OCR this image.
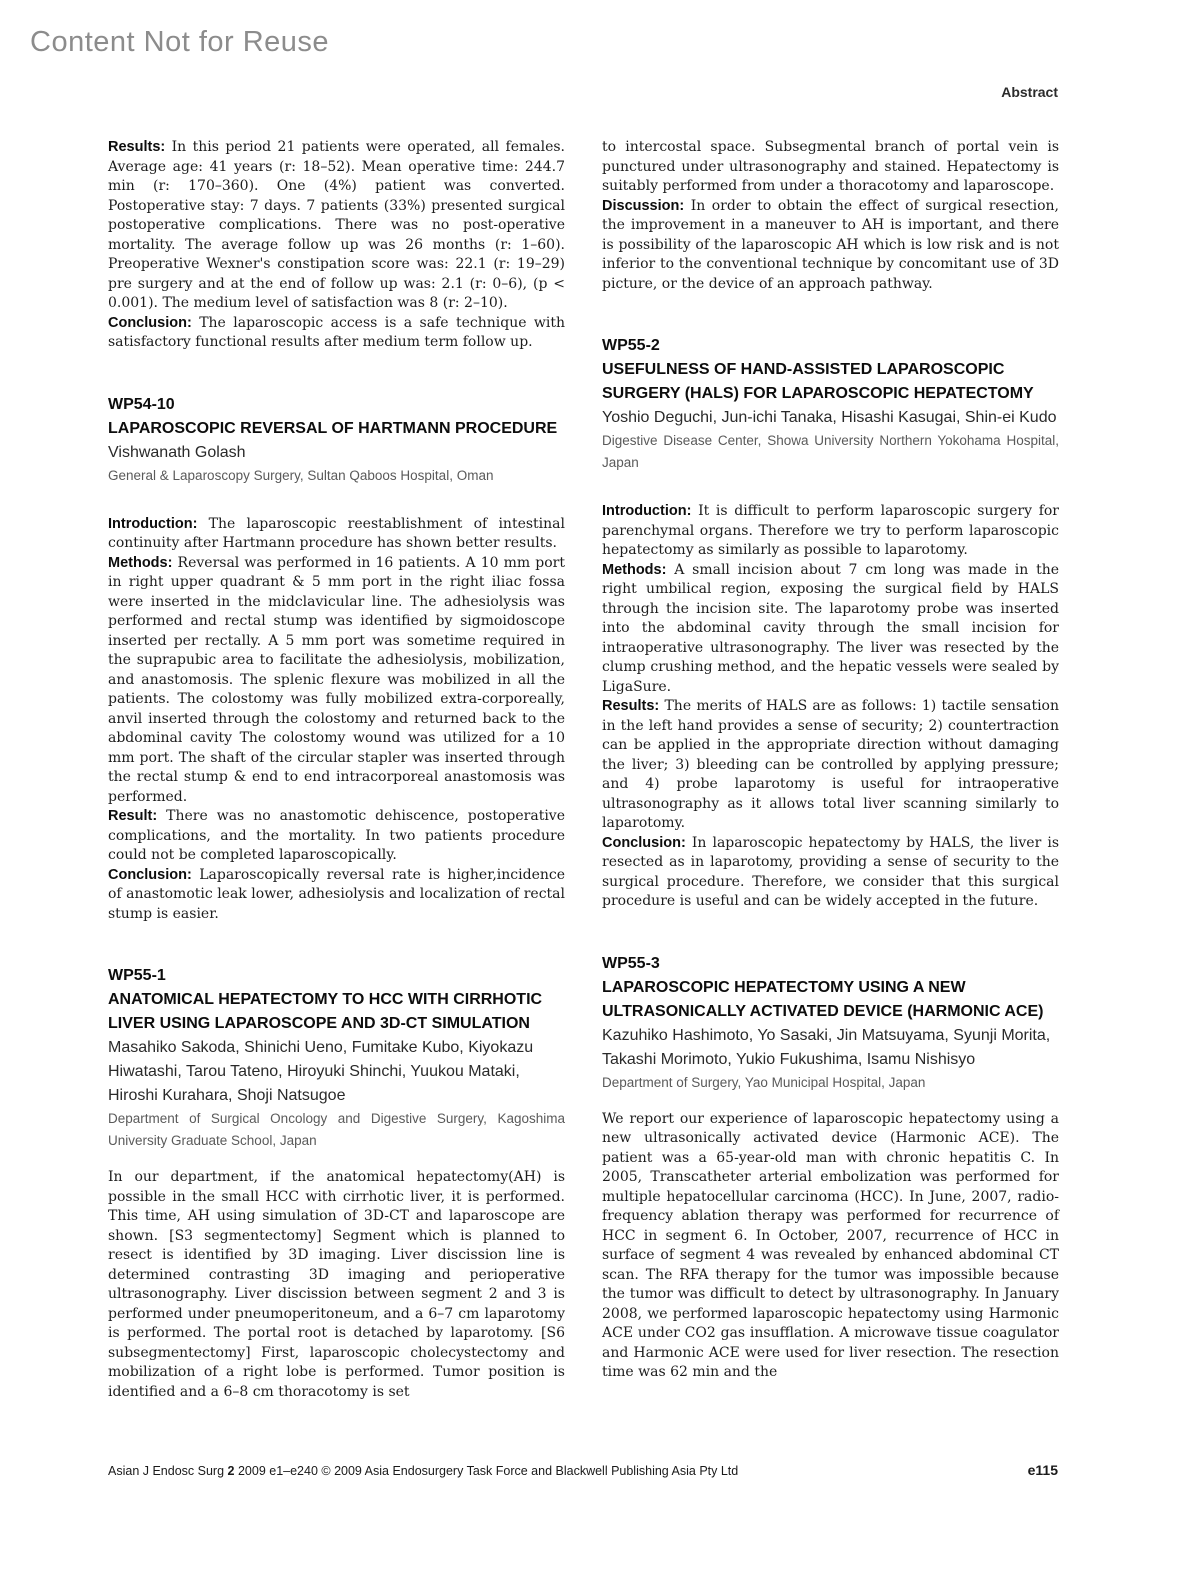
Content Not for Reuse
Abstract

Results: In this period 21 patients were operated, all females. Average age: 41 years (r: 18–52). Mean operative time: 244.7 min (r: 170–360). One (4%) patient was converted. Postoperative stay: 7 days. 7 patients (33%) presented surgical postoperative complications. There was no post-operative mortality. The average follow up was 26 months (r: 1–60). Preoperative Wexner's constipation score was: 22.1 (r: 19–29) pre surgery and at the end of follow up was: 2.1 (r: 0–6), (p < 0.001). The medium level of satisfaction was 8 (r: 2–10).

Conclusion: The laparoscopic access is a safe technique with satisfactory functional results after medium term follow up.

WP54-10

LAPAROSCOPIC REVERSAL OF HARTMANN PROCEDURE

Vishwanath Golash

General & Laparoscopy Surgery, Sultan Qaboos Hospital, Oman

Introduction: The laparoscopic reestablishment of intestinal continuity after Hartmann procedure has shown better results.

Methods: Reversal was performed in 16 patients. A 10 mm port in right upper quadrant & 5 mm port in the right iliac fossa were inserted in the midclavicular line. The adhesiolysis was performed and rectal stump was identified by sigmoidoscope inserted per rectally. A 5 mm port was sometime required in the suprapubic area to facilitate the adhesiolysis, mobilization, and anastomosis. The splenic flexure was mobilized in all the patients. The colostomy was fully mobilized extra-corporeally, anvil inserted through the colostomy and returned back to the abdominal cavity The colostomy wound was utilized for a 10 mm port. The shaft of the circular stapler was inserted through the rectal stump & end to end intracorporeal anastomosis was performed.

Result: There was no anastomotic dehiscence, postoperative complications, and the mortality. In two patients procedure could not be completed laparoscopically.

Conclusion: Laparoscopically reversal rate is higher,incidence of anastomotic leak lower, adhesiolysis and localization of rectal stump is easier.

WP55-1

ANATOMICAL HEPATECTOMY TO HCC WITH CIRRHOTIC LIVER USING LAPAROSCOPE AND 3D-CT SIMULATION

Masahiko Sakoda, Shinichi Ueno, Fumitake Kubo, Kiyokazu Hiwatashi, Tarou Tateno, Hiroyuki Shinchi, Yuukou Mataki, Hiroshi Kurahara, Shoji Natsugoe

Department of Surgical Oncology and Digestive Surgery, Kagoshima University Graduate School, Japan

In our department, if the anatomical hepatectomy(AH) is possible in the small HCC with cirrhotic liver, it is performed. This time, AH using simulation of 3D-CT and laparoscope are shown. [S3 segmentectomy] Segment which is planned to resect is identified by 3D imaging. Liver discission line is determined contrasting 3D imaging and perioperative ultrasonography. Liver discission between segment 2 and 3 is performed under pneumoperitoneum, and a 6–7 cm laparotomy is performed. The portal root is detached by laparotomy. [S6 subsegmentectomy] First, laparoscopic cholecystectomy and mobilization of a right lobe is performed. Tumor position is identified and a 6–8 cm thoracotomy is set

to intercostal space. Subsegmental branch of portal vein is punctured under ultrasonography and stained. Hepatectomy is suitably performed from under a thoracotomy and laparoscope.

Discussion: In order to obtain the effect of surgical resection, the improvement in a maneuver to AH is important, and there is possibility of the laparoscopic AH which is low risk and is not inferior to the conventional technique by concomitant use of 3D picture, or the device of an approach pathway.

WP55-2

USEFULNESS OF HAND-ASSISTED LAPAROSCOPIC SURGERY (HALS) FOR LAPAROSCOPIC HEPATECTOMY

Yoshio Deguchi, Jun-ichi Tanaka, Hisashi Kasugai, Shin-ei Kudo

Digestive Disease Center, Showa University Northern Yokohama Hospital, Japan

Introduction: It is difficult to perform laparoscopic surgery for parenchymal organs. Therefore we try to perform laparoscopic hepatectomy as similarly as possible to laparotomy.

Methods: A small incision about 7 cm long was made in the right umbilical region, exposing the surgical field by HALS through the incision site. The laparotomy probe was inserted into the abdominal cavity through the small incision for intraoperative ultrasonography. The liver was resected by the clump crushing method, and the hepatic vessels were sealed by LigaSure.

Results: The merits of HALS are as follows: 1) tactile sensation in the left hand provides a sense of security; 2) countertraction can be applied in the appropriate direction without damaging the liver; 3) bleeding can be controlled by applying pressure; and 4) probe laparotomy is useful for intraoperative ultrasonography as it allows total liver scanning similarly to laparotomy.

Conclusion: In laparoscopic hepatectomy by HALS, the liver is resected as in laparotomy, providing a sense of security to the surgical procedure. Therefore, we consider that this surgical procedure is useful and can be widely accepted in the future.

WP55-3

LAPAROSCOPIC HEPATECTOMY USING A NEW ULTRASONICALLY ACTIVATED DEVICE (HARMONIC ACE)

Kazuhiko Hashimoto, Yo Sasaki, Jin Matsuyama, Syunji Morita, Takashi Morimoto, Yukio Fukushima, Isamu Nishisyo

Department of Surgery, Yao Municipal Hospital, Japan

We report our experience of laparoscopic hepatectomy using a new ultrasonically activated device (Harmonic ACE). The patient was a 65-year-old man with chronic hepatitis C. In 2005, Transcatheter arterial embolization was performed for multiple hepatocellular carcinoma (HCC). In June, 2007, radio-frequency ablation therapy was performed for recurrence of HCC in segment 6. In October, 2007, recurrence of HCC in surface of segment 4 was revealed by enhanced abdominal CT scan. The RFA therapy for the tumor was impossible because the tumor was difficult to detect by ultrasonography. In January 2008, we performed laparoscopic hepatectomy using Harmonic ACE under CO2 gas insufflation. A microwave tissue coagulator and Harmonic ACE were used for liver resection. The resection time was 62 min and the

Asian J Endosc Surg 2 2009 e1–e240 © 2009 Asia Endosurgery Task Force and Blackwell Publishing Asia Pty Ltd	e115
